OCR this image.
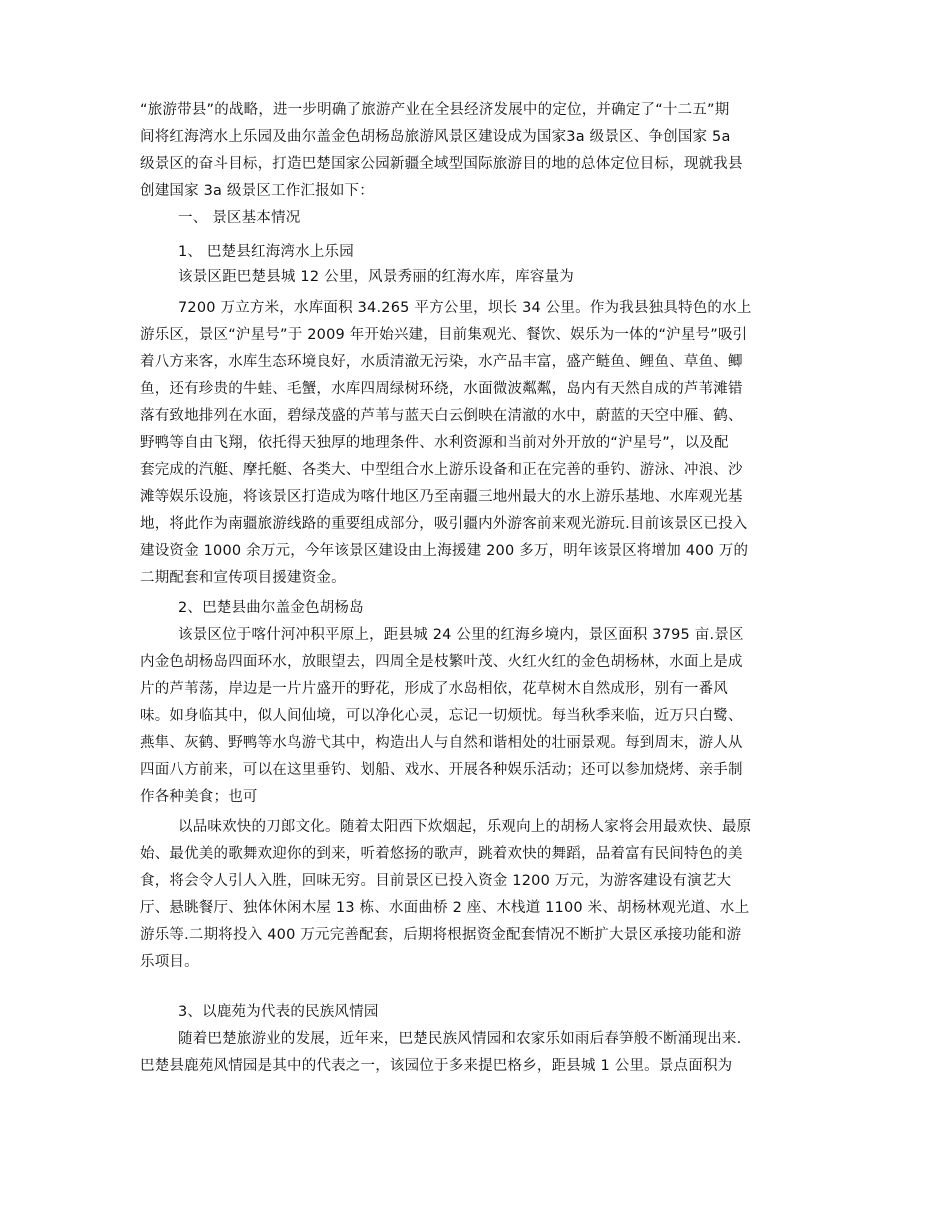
“旅游带县”的战略，进一步明确了旅游产业在全县经济发展中的定位，并确定了“十二五”期
间将红海湾水上乐园及曲尔盖金色胡杨岛旅游风景区建设成为国家3a 级景区、争创国家 5a
级景区的奋斗目标，打造巴楚国家公园新疆全域型国际旅游目的地的总体定位目标，现就我县
创建国家 3a 级景区工作汇报如下：
一、 景区基本情况
1、 巴楚县红海湾水上乐园
该景区距巴楚县城 12 公里，风景秀丽的红海水库，库容量为
7200 万立方米，水库面积 34.265 平方公里，坝长 34 公里。作为我县独具特色的水上
游乐区，景区“沪星号”于 2009 年开始兴建，目前集观光、餐饮、娱乐为一体的“沪星号”吸引
着八方来客，水库生态环境良好，水质清澈无污染，水产品丰富，盛产鲢鱼、鲤鱼、草鱼、鲫
鱼，还有珍贵的牛蛙、毛蟹，水库四周绿树环绕，水面微波粼粼，岛内有天然自成的芦苇滩错
落有致地排列在水面，碧绿茂盛的芦苇与蓝天白云倒映在清澈的水中，蔚蓝的天空中雁、鹤、
野鸭等自由飞翔，依托得天独厚的地理条件、水利资源和当前对外开放的“沪星号”，以及配
套完成的汽艇、摩托艇、各类大、中型组合水上游乐设备和正在完善的垂钓、游泳、冲浪、沙
滩等娱乐设施，将该景区打造成为喀什地区乃至南疆三地州最大的水上游乐基地、水库观光基
地，将此作为南疆旅游线路的重要组成部分，吸引疆内外游客前来观光游玩.目前该景区已投入
建设资金 1000 余万元，今年该景区建设由上海援建 200 多万，明年该景区将增加 400 万的
二期配套和宣传项目援建资金。
2、巴楚县曲尔盖金色胡杨岛
该景区位于喀什河冲积平原上，距县城 24 公里的红海乡境内，景区面积 3795 亩.景区
内金色胡杨岛四面环水，放眼望去，四周全是枝繁叶茂、火红火红的金色胡杨林，水面上是成
片的芦苇荡，岸边是一片片盛开的野花，形成了水岛相依，花草树木自然成形，别有一番风
味。如身临其中，似人间仙境，可以净化心灵，忘记一切烦忧。每当秋季来临，近万只白鹭、
燕隼、灰鹤、野鸭等水鸟游弋其中，构造出人与自然和谐相处的壮丽景观。每到周末，游人从
四面八方前来，可以在这里垂钓、划船、戏水、开展各种娱乐活动；还可以参加烧烤、亲手制
作各种美食；也可
以品味欢快的刀郎文化。随着太阳西下炊烟起，乐观向上的胡杨人家将会用最欢快、最原
始、最优美的歌舞欢迎你的到来，听着悠扬的歌声，跳着欢快的舞蹈，品着富有民间特色的美
食，将会令人引人入胜，回味无穷。目前景区已投入资金 1200 万元，为游客建设有演艺大
厅、悬眺餐厅、独体休闲木屋 13 栋、水面曲桥 2 座、木栈道 1100 米、胡杨林观光道、水上
游乐等.二期将投入 400 万元完善配套，后期将根据资金配套情况不断扩大景区承接功能和游
乐项目。
3、以鹿苑为代表的民族风情园
随着巴楚旅游业的发展，近年来，巴楚民族风情园和农家乐如雨后春笋般不断涌现出来.
巴楚县鹿苑风情园是其中的代表之一，该园位于多来提巴格乡，距县城 1 公里。景点面积为
